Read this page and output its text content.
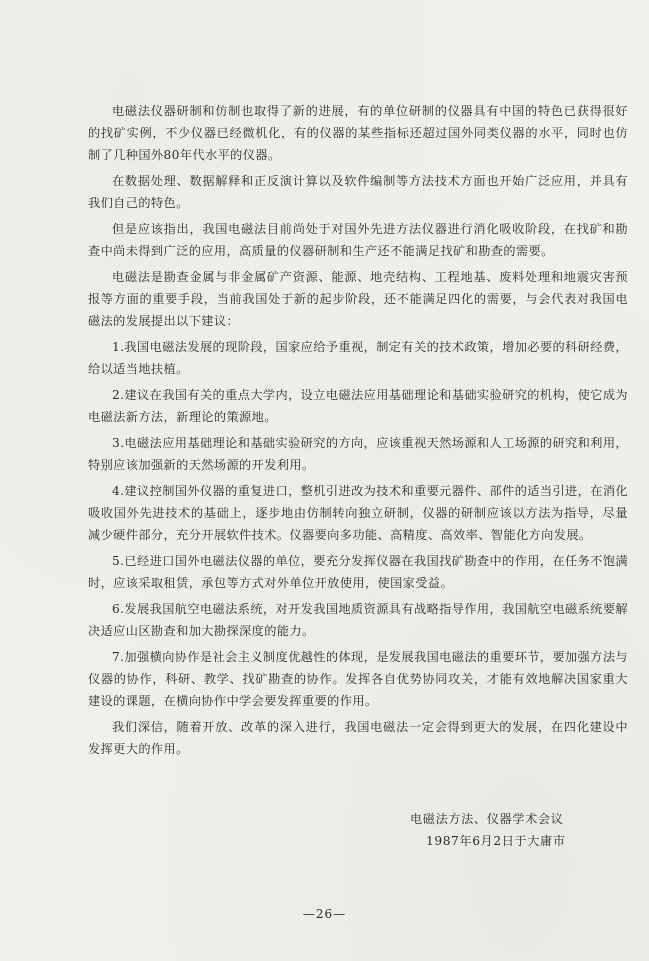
电磁法仪器研制和仿制也取得了新的进展，有的单位研制的仪器具有中国的特色已获得很好的找矿实例，不少仪器已经微机化，有的仪器的某些指标还超过国外同类仪器的水平，同时也仿制了几种国外80年代水平的仪器。

在数据处理、数据解释和正反演计算以及软件编制等方法技术方面也开始广泛应用，并具有我们自己的特色。

但是应该指出，我国电磁法目前尚处于对国外先进方法仪器进行消化吸收阶段，在找矿和勘查中尚未得到广泛的应用，高质量的仪器研制和生产还不能满足找矿和勘查的需要。

电磁法是勘查金属与非金属矿产资源、能源、地壳结构、工程地基、废料处理和地震灾害预报等方面的重要手段，当前我国处于新的起步阶段，还不能满足四化的需要，与会代表对我国电磁法的发展提出以下建议：

1.我国电磁法发展的现阶段，国家应给予重视，制定有关的技术政策，增加必要的科研经费，给以适当地扶植。

2.建议在我国有关的重点大学内，设立电磁法应用基础理论和基础实验研究的机构，使它成为电磁法新方法，新理论的策源地。

3.电磁法应用基础理论和基础实验研究的方向，应该重视天然场源和人工场源的研究和利用，特别应该加强新的天然场源的开发利用。

4.建议控制国外仪器的重复进口，整机引进改为技术和重要元器件、部件的适当引进，在消化吸收国外先进技术的基础上，逐步地由仿制转向独立研制，仪器的研制应该以方法为指导，尽量减少硬件部分，充分开展软件技术。仪器要向多功能、高精度、高效率、智能化方向发展。

5.已经进口国外电磁法仪器的单位，要充分发挥仪器在我国找矿勘查中的作用，在任务不饱满时，应该采取租赁，承包等方式对外单位开放使用，使国家受益。

6.发展我国航空电磁法系统，对开发我国地质资源具有战略指导作用，我国航空电磁系统要解决适应山区勘查和加大勘探深度的能力。

7.加强横向协作是社会主义制度优越性的体现，是发展我国电磁法的重要环节，要加强方法与仪器的协作，科研、教学、找矿勘查的协作。发挥各自优势协同攻关，才能有效地解决国家重大建设的课题，在横向协作中学会要发挥重要的作用。

我们深信，随着开放、改革的深入进行，我国电磁法一定会得到更大的发展，在四化建设中发挥更大的作用。

电磁法方法、仪器学术会议
1987年6月2日于大庸市
—26—
